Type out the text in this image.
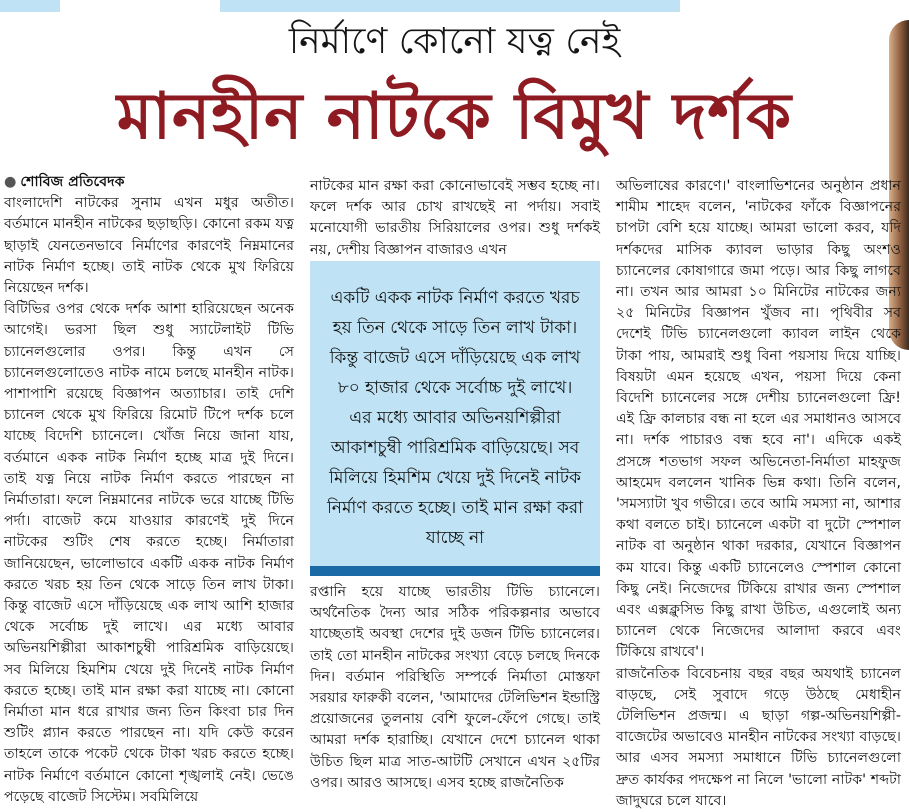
নির্মাণে কোনো যত্ন নেই
মানহীন নাটকে বিমুখ দর্শক

● শোবিজ প্রতিবেদক

বাংলাদেশি নাটকের সুনাম এখন মধুর অতীত। বর্তমানে মানহীন নাটকের ছড়াছড়ি। কোনো রকম যত্ন ছাড়াই যেনতেনভাবে নির্মাণের কারণেই নিম্নমানের নাটক নির্মাণ হচ্ছে। তাই নাটক থেকে মুখ ফিরিয়ে নিয়েছেন দর্শক।

বিটিভির ওপর থেকে দর্শক আশা হারিয়েছেন অনেক আগেই। ভরসা ছিল শুধু স্যাটেলাইট টিভি চ্যানেলগুলোর ওপর। কিন্তু এখন সে চ্যানেলগুলোতেও নাটক নামে চলছে মানহীন নাটক। পাশাপাশি রয়েছে বিজ্ঞাপন অত্যাচার। তাই দেশি চ্যানেল থেকে মুখ ফিরিয়ে রিমোট টিপে দর্শক চলে যাচ্ছে বিদেশি চ্যানেলে। খোঁজ নিয়ে জানা যায়, বর্তমানে একক নাটক নির্মাণ হচ্ছে মাত্র দুই দিনে। তাই যত্ন নিয়ে নাটক নির্মাণ করতে পারছেন না নির্মাতারা। ফলে নিম্নমানের নাটকে ভরে যাচ্ছে টিভি পর্দা। বাজেট কমে যাওয়ার কারণেই দুই দিনে নাটকের শুটিং শেষ করতে হচ্ছে। নির্মাতারা জানিয়েছেন, ভালোভাবে একটি একক নাটক নির্মাণ করতে খরচ হয় তিন থেকে সাড়ে তিন লাখ টাকা। কিন্তু বাজেট এসে দাঁড়িয়েছে এক লাখ আশি হাজার থেকে সর্বোচ্চ দুই লাখে। এর মধ্যে আবার অভিনয়শিল্পীরা আকাশচুম্বী পারিশ্রমিক বাড়িয়েছে। সব মিলিয়ে হিমশিম খেয়ে দুই দিনেই নাটক নির্মাণ করতে হচ্ছে। তাই মান রক্ষা করা যাচ্ছে না। কোনো নির্মাতা মান ধরে রাখার জন্য তিন কিংবা চার দিন শুটিং প্ল্যান করতে পারছেন না। যদি কেউ করেন তাহলে তাকে পকেট থেকে টাকা খরচ করতে হচ্ছে। নাটক নির্মাণে বর্তমানে কোনো শৃঙ্খলাই নেই। ভেঙে পড়েছে বাজেট সিস্টেম। সবমিলিয়ে

নাটকের মান রক্ষা করা কোনোভাবেই সম্ভব হচ্ছে না। ফলে দর্শক আর চোখ রাখছেই না পর্দায়। সবাই মনোযোগী ভারতীয় সিরিয়ালের ওপর। শুধু দর্শকই নয়, দেশীয় বিজ্ঞাপন বাজারও এখন

একটি একক নাটক নির্মাণ করতে খরচ হয় তিন থেকে সাড়ে তিন লাখ টাকা। কিন্তু বাজেট এসে দাঁড়িয়েছে এক লাখ ৮০ হাজার থেকে সর্বোচ্চ দুই লাখে। এর মধ্যে আবার অভিনয়শিল্পীরা আকাশচুম্বী পারিশ্রমিক বাড়িয়েছে। সব মিলিয়ে হিমশিম খেয়ে দুই দিনেই নাটক নির্মাণ করতে হচ্ছে। তাই মান রক্ষা করা যাচ্ছে না

রপ্তানি হয়ে যাচ্ছে ভারতীয় টিভি চ্যানেলে। অর্থনৈতিক দৈন্য আর সঠিক পরিকল্পনার অভাবে যাচ্ছেতাই অবস্থা দেশের দুই ডজন টিভি চ্যানেলের। তাই তো মানহীন নাটকের সংখ্যা বেড়ে চলছে দিনকে দিন। বর্তমান পরিস্থিতি সম্পর্কে নির্মাতা মোস্তফা সরয়ার ফারুকী বলেন, 'আমাদের টেলিভিশন ইন্ডাস্ট্রি প্রয়োজনের তুলনায় বেশি ফুলে-ফেঁপে গেছে। তাই আমরা দর্শক হারাচ্ছি। যেখানে দেশে চ্যানেল থাকা উচিত ছিল মাত্র সাত-আটটি সেখানে এখন ২৫টির ওপর। আরও আসছে। এসব হচ্ছে রাজনৈতিক

অভিলাষের কারণে।' বাংলাভিশনের অনুষ্ঠান প্রধান শামীম শাহেদ বলেন, 'নাটকের ফাঁকে বিজ্ঞাপনের চাপটা বেশি হয়ে যাচ্ছে। আমরা ভালো করব, যদি দর্শকদের মাসিক ক্যাবল ভাড়ার কিছু অংশও চ্যানেলের কোষাগারে জমা পড়ে। আর কিছু লাগবে না। তখন আর আমরা ১০ মিনিটের নাটকের জন্য ২৫ মিনিটের বিজ্ঞাপন খুঁজব না। পৃথিবীর সব দেশেই টিভি চ্যানেলগুলো ক্যাবল লাইন থেকে টাকা পায়, আমরাই শুধু বিনা পয়সায় দিয়ে যাচ্ছি। বিষয়টা এমন হয়েছে এখন, পয়সা দিয়ে কেনা বিদেশি চ্যানেলের সঙ্গে দেশীয় চ্যানেলগুলো ফ্রি! এই ফ্রি কালচার বন্ধ না হলে এর সমাধানও আসবে না। দর্শক পাচারও বন্ধ হবে না'। এদিকে একই প্রসঙ্গে শতভাগ সফল অভিনেতা-নির্মাতা মাহফুজ আহমেদ বললেন খানিক ভিন্ন কথা। তিনি বলেন, 'সমস্যাটা খুব গভীরে। তবে আমি সমস্যা না, আশার কথা বলতে চাই। চ্যানেলে একটা বা দুটো স্পেশাল নাটক বা অনুষ্ঠান থাকা দরকার, যেখানে বিজ্ঞাপন কম যাবে। কিন্তু একটি চ্যানেলেও স্পেশাল কোনো কিছু নেই। নিজেদের টিকিয়ে রাখার জন্য স্পেশাল এবং এক্সক্লুসিভ কিছু রাখা উচিত, এগুলোই অন্য চ্যানেল থেকে নিজেদের আলাদা করবে এবং টিকিয়ে রাখবে'।

রাজনৈতিক বিবেচনায় বছর বছর অযথাই চ্যানেল বাড়ছে, সেই সুবাদে গড়ে উঠছে মেধাহীন টেলিভিশন প্রজন্ম। এ ছাড়া গল্প-অভিনয়শিল্পী-বাজেটের অভাবেও মানহীন নাটকের সংখ্যা বাড়ছে। আর এসব সমস্যা সমাধানে টিভি চ্যানেলগুলো দ্রুত কার্যকর পদক্ষেপ না নিলে 'ভালো নাটক' শব্দটা জাদুঘরে চলে যাবে।
